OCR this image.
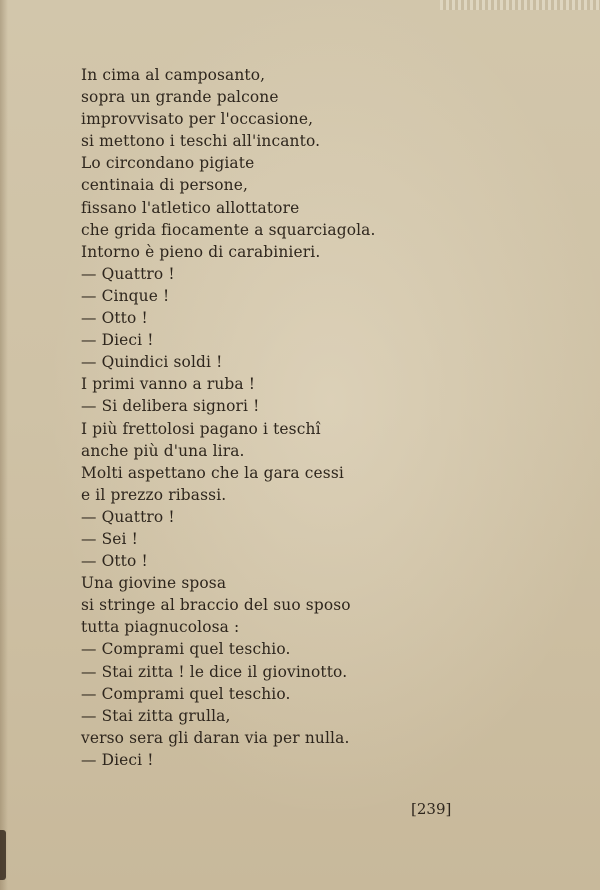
In cima al camposanto,
sopra un grande palcone
improvvisato per l'occasione,
si mettono i teschi all'incanto.
Lo circondano pigiate
centinaia di persone,
fissano l'atletico allottatore
che grida fiocamente a squarciagola.
Intorno è pieno di carabinieri.
— Quattro !
— Cinque !
— Otto !
— Dieci !
— Quindici soldi !
I primi vanno a ruba !
— Si delibera signori !
I più frettolosi pagano i teschî
anche più d'una lira.
Molti aspettano che la gara cessi
e il prezzo ribassi.
— Quattro !
— Sei !
— Otto !
Una giovine sposa
si stringe al braccio del suo sposo
tutta piagnucolosa :
— Comprami quel teschio.
— Stai zitta ! le dice il giovinotto.
— Comprami quel teschio.
— Stai zitta grulla,
verso sera gli daran via per nulla.
— Dieci !
[239]
